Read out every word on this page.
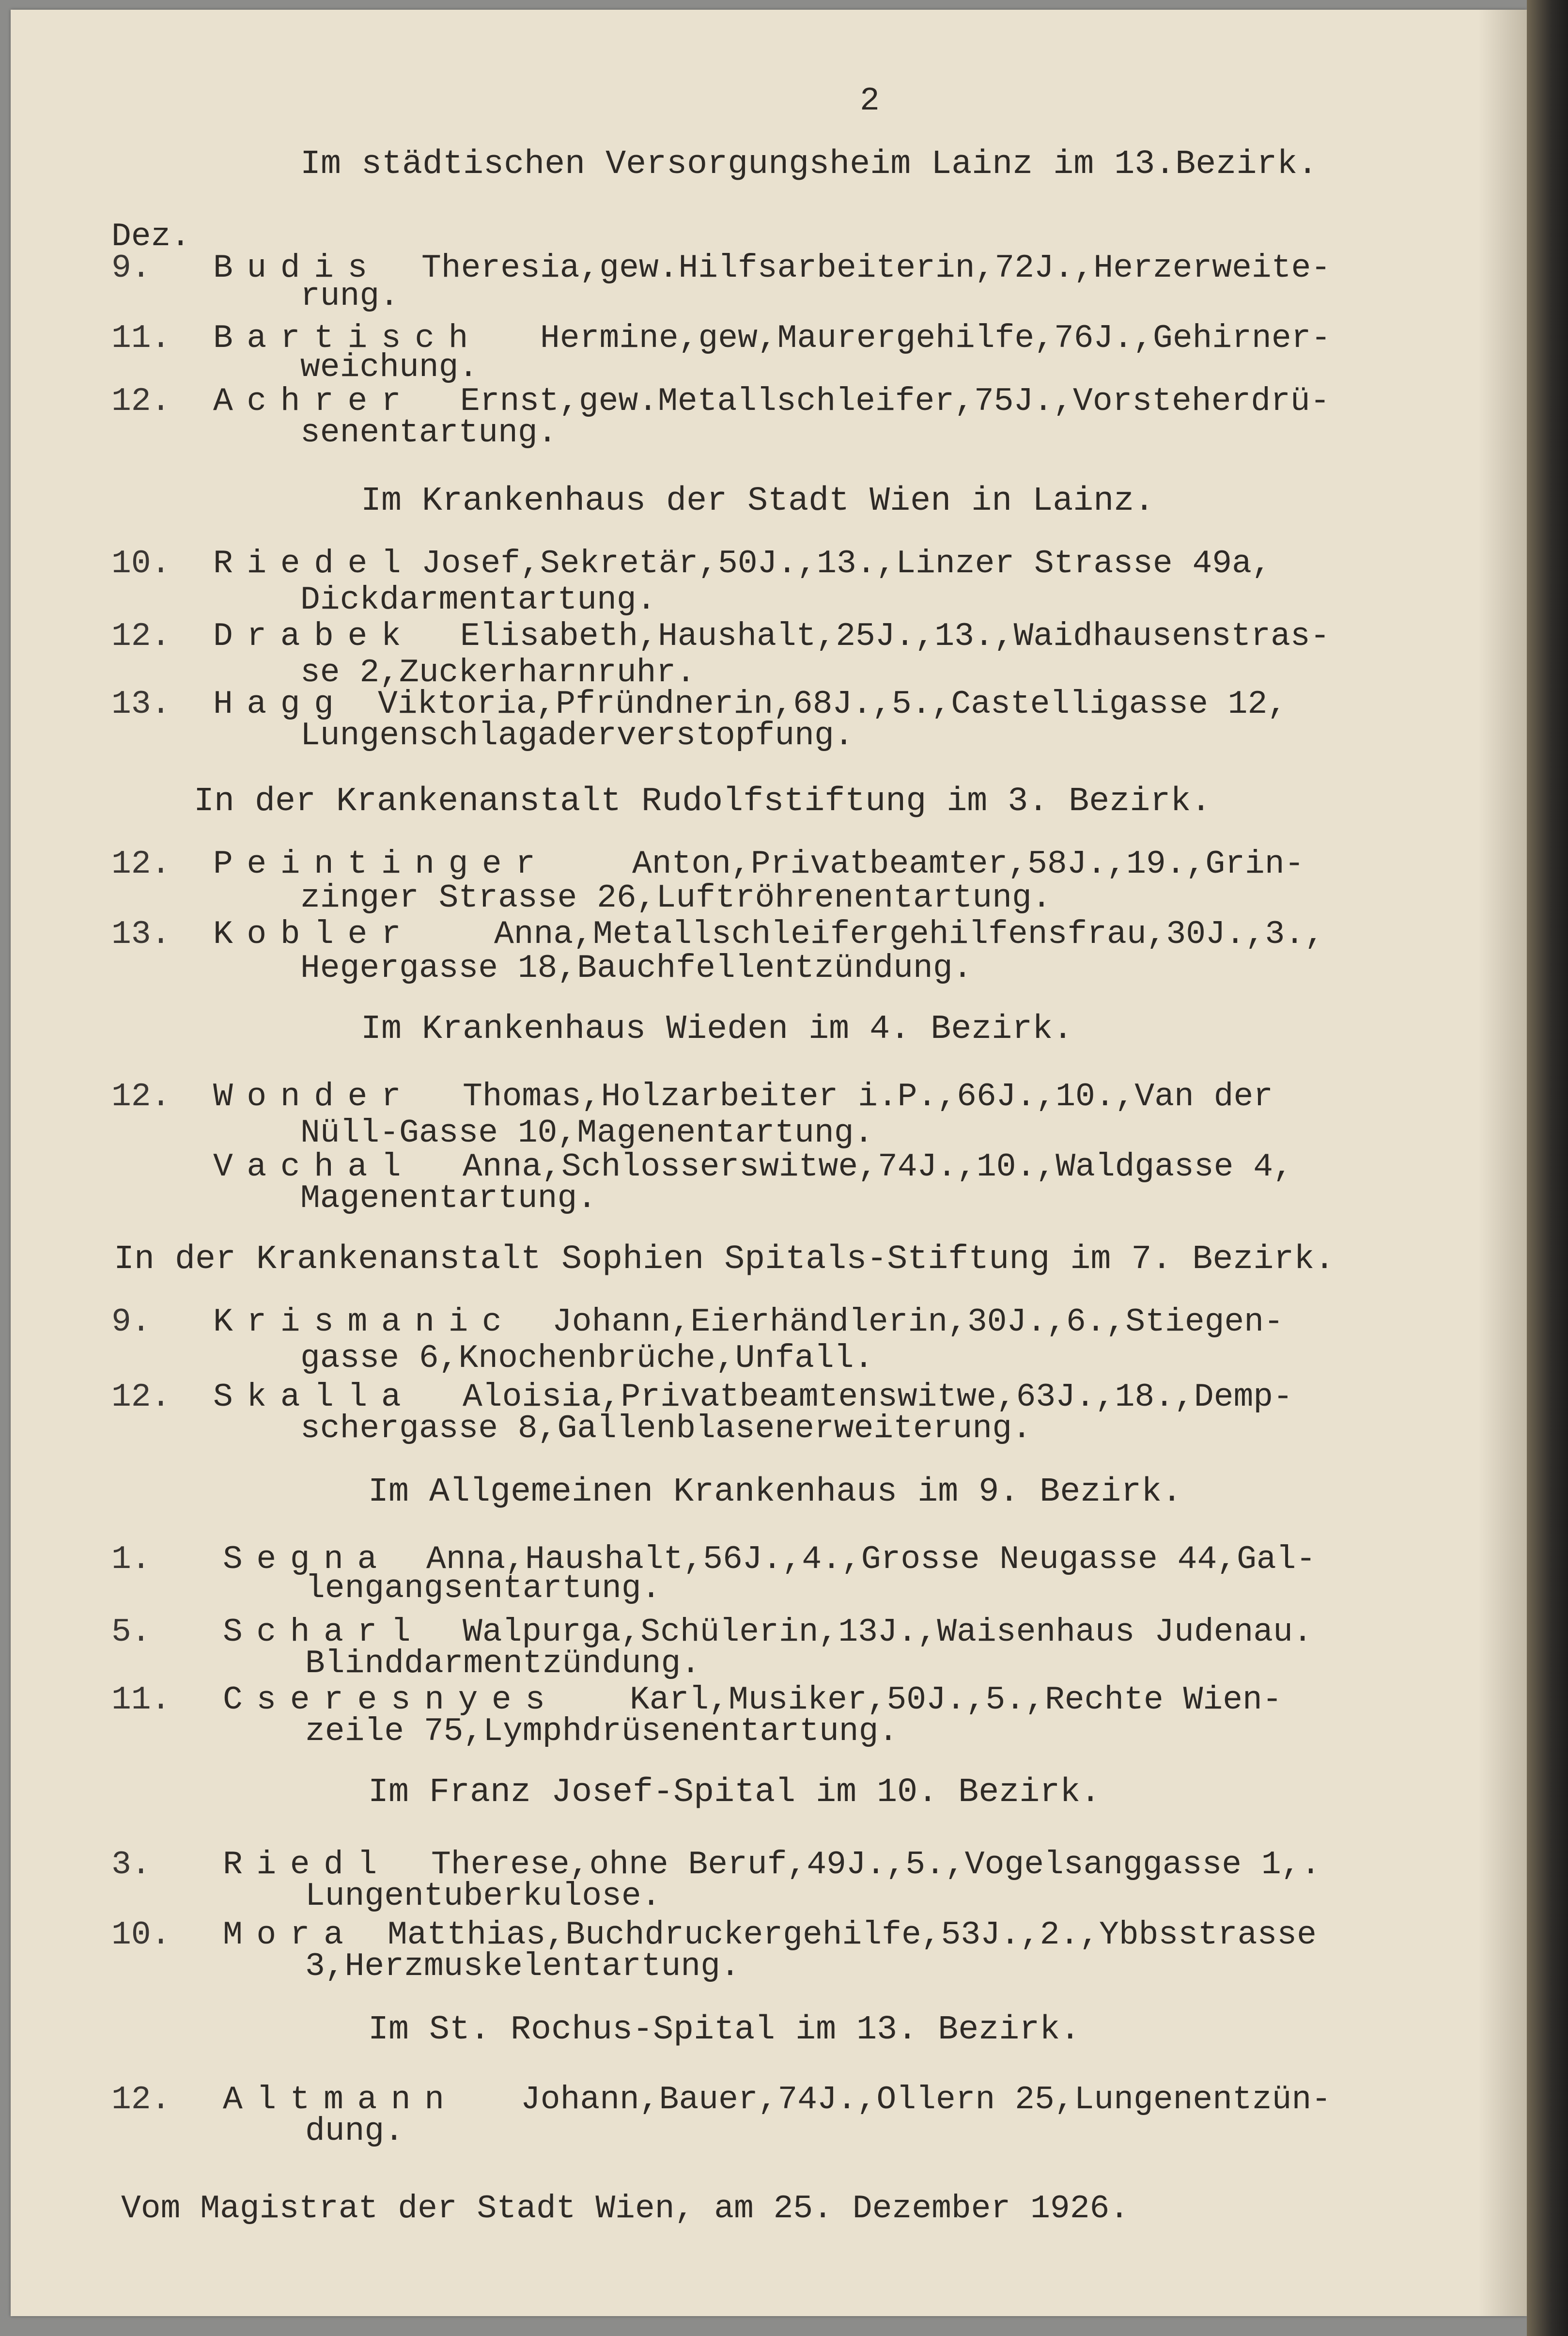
2
Im städtischen Versorgungsheim Lainz im 13.Bezirk.
Dez.
9. Budis Theresia,gew.Hilfsarbeiterin,72J.,Herzerweite-
rung.
11. Bartisch Hermine,gew,Maurergehilfe,76J.,Gehirner-
weichung.
12. Achrer Ernst,gew.Metallschleifer,75J.,Vorsteherdrü-
senentartung.
Im Krankenhaus der Stadt Wien in Lainz.
10. Riedel Josef,Sekretär,50J.,13.,Linzer Strasse 49a,
Dickdarmentartung.
12. Drabek Elisabeth,Haushalt,25J.,13.,Waidhausenstras-
se 2,Zuckerharnruhr.
13. Hagg Viktoria,Pfründnerin,68J.,5.,Castelligasse 12,
Lungenschlagaderverstopfung.
In der Krankenanstalt Rudolfstiftung im 3. Bezirk.
12. Peintinger	Anton,Privatbeamter,58J.,19.,Grin-
zinger Strasse 26,Luftröhrenentartung.
13. Kobler Anna,Metallschleifergehilfensfrau,30J.,3.,
Hegergasse 18,Bauchfellentzündung.
Im Krankenhaus Wieden im 4. Bezirk.
12. Wonder Thomas,Holzarbeiter i.P.,66J.,10.,Van der
Nüll-Gasse 10,Magenentartung.
Vachal Anna,Schlosserswitwe,74J.,10.,Waldgasse 4,
Magenentartung.
In der Krankenanstalt Sophien Spitals-Stiftung im 7. Bezirk.
9. Krismanic Johann,Eierhändlerin,30J.,6.,Stiegen-
gasse 6,Knochenbrüche,Unfall.
12. Skalla Aloisia,Privatbeamtenswitwe,63J.,18.,Demp-
schergasse 8,Gallenblasenerweiterung.
Im Allgemeinen Krankenhaus im 9. Bezirk.
1. Segna Anna,Haushalt,56J.,4.,Grosse Neugasse 44,Gal-
lengangsentartung.
5. Scharl Walpurga,Schülerin,13J.,Waisenhaus Judenau.
Blinddarmentzündung.
11. Cseresnyes Karl,Musiker,50J.,5.,Rechte Wien-
zeile 75,Lymphdrüsenentartung.
Im Franz Josef-Spital im 10. Bezirk.
3. Riedl Therese,ohne Beruf,49J.,5.,Vogelsanggasse 1,.
Lungentuberkulose.
10. Mora Matthias,Buchdruckergehilfe,53J.,2.,Ybbsstrasse
3,Herzmuskelentartung.
Im St. Rochus-Spital im 13. Bezirk.
12. Altmann Johann,Bauer,74J.,Ollern 25,Lungenentzün-
dung.
Vom Magistrat der Stadt Wien, am 25. Dezember 1926.
